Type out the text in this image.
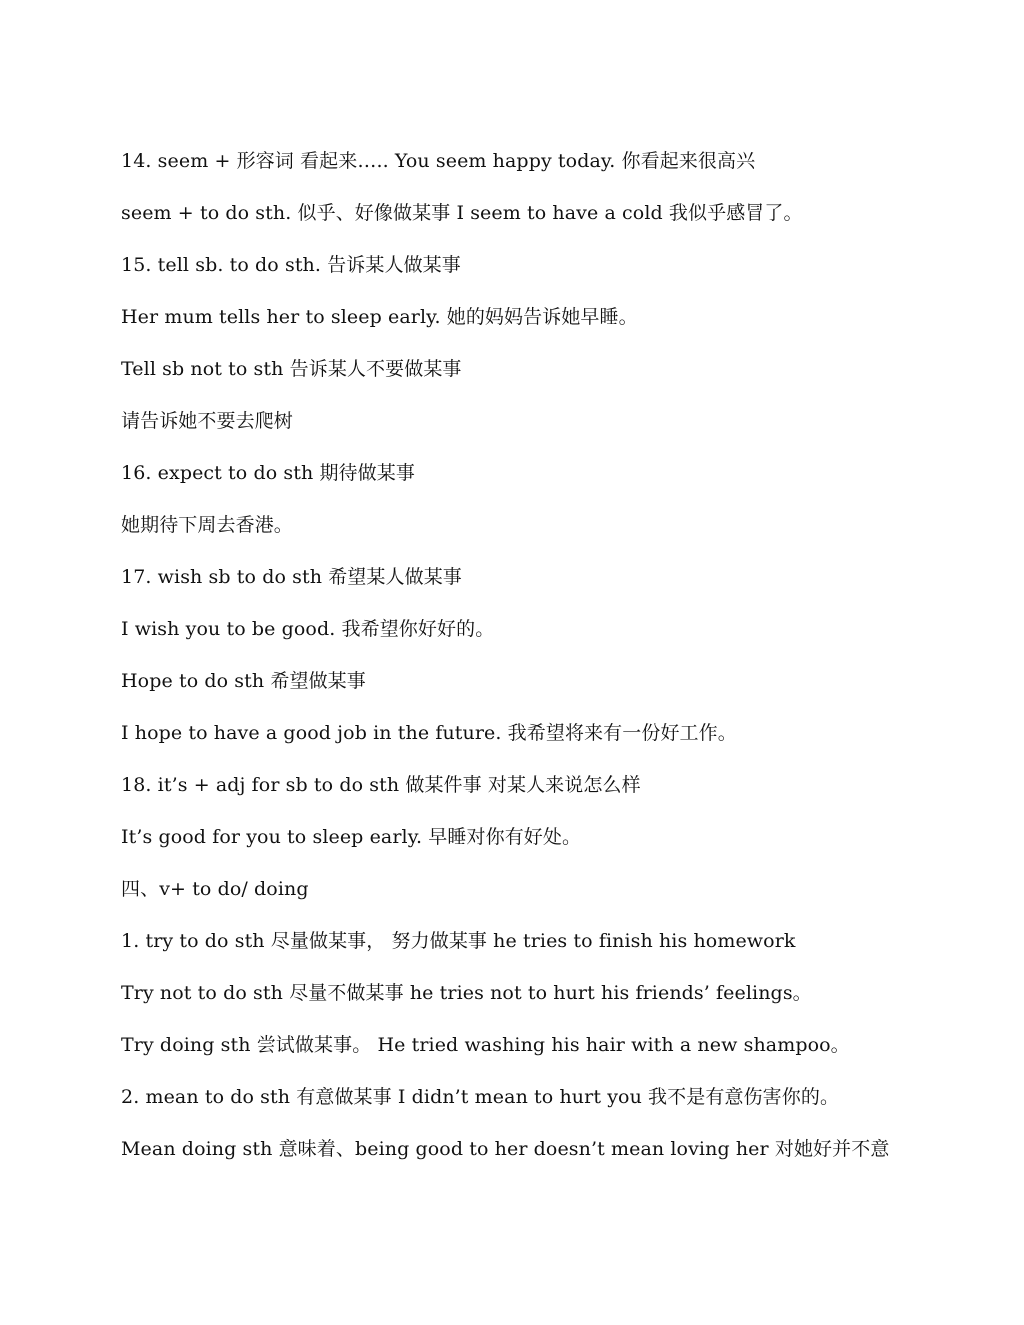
14. seem + 形容词 看起来….. You seem happy today. 你看起来很高兴
seem + to do sth. 似乎、好像做某事 I seem to have a cold 我似乎感冒了。
15. tell sb. to do sth. 告诉某人做某事
Her mum tells her to sleep early. 她的妈妈告诉她早睡。
Tell sb not to sth 告诉某人不要做某事
请告诉她不要去爬树
16. expect to do sth 期待做某事
她期待下周去香港。
17. wish sb to do sth 希望某人做某事
I wish you to be good. 我希望你好好的。
Hope to do sth 希望做某事
I hope to have a good job in the future. 我希望将来有一份好工作。
18. it’s + adj for sb to do sth 做某件事 对某人来说怎么样
It’s good for you to sleep early. 早睡对你有好处。
四、v+ to do/ doing
1. try to do sth 尽量做某事， 努力做某事 he tries to finish his homework
Try not to do sth 尽量不做某事 he tries not to hurt his friends’ feelings。
Try doing sth 尝试做某事。 He tried washing his hair with a new shampoo。
2. mean to do sth 有意做某事 I didn’t mean to hurt you 我不是有意伤害你的。
Mean doing sth 意味着、being good to her doesn’t mean loving her 对她好并不意
